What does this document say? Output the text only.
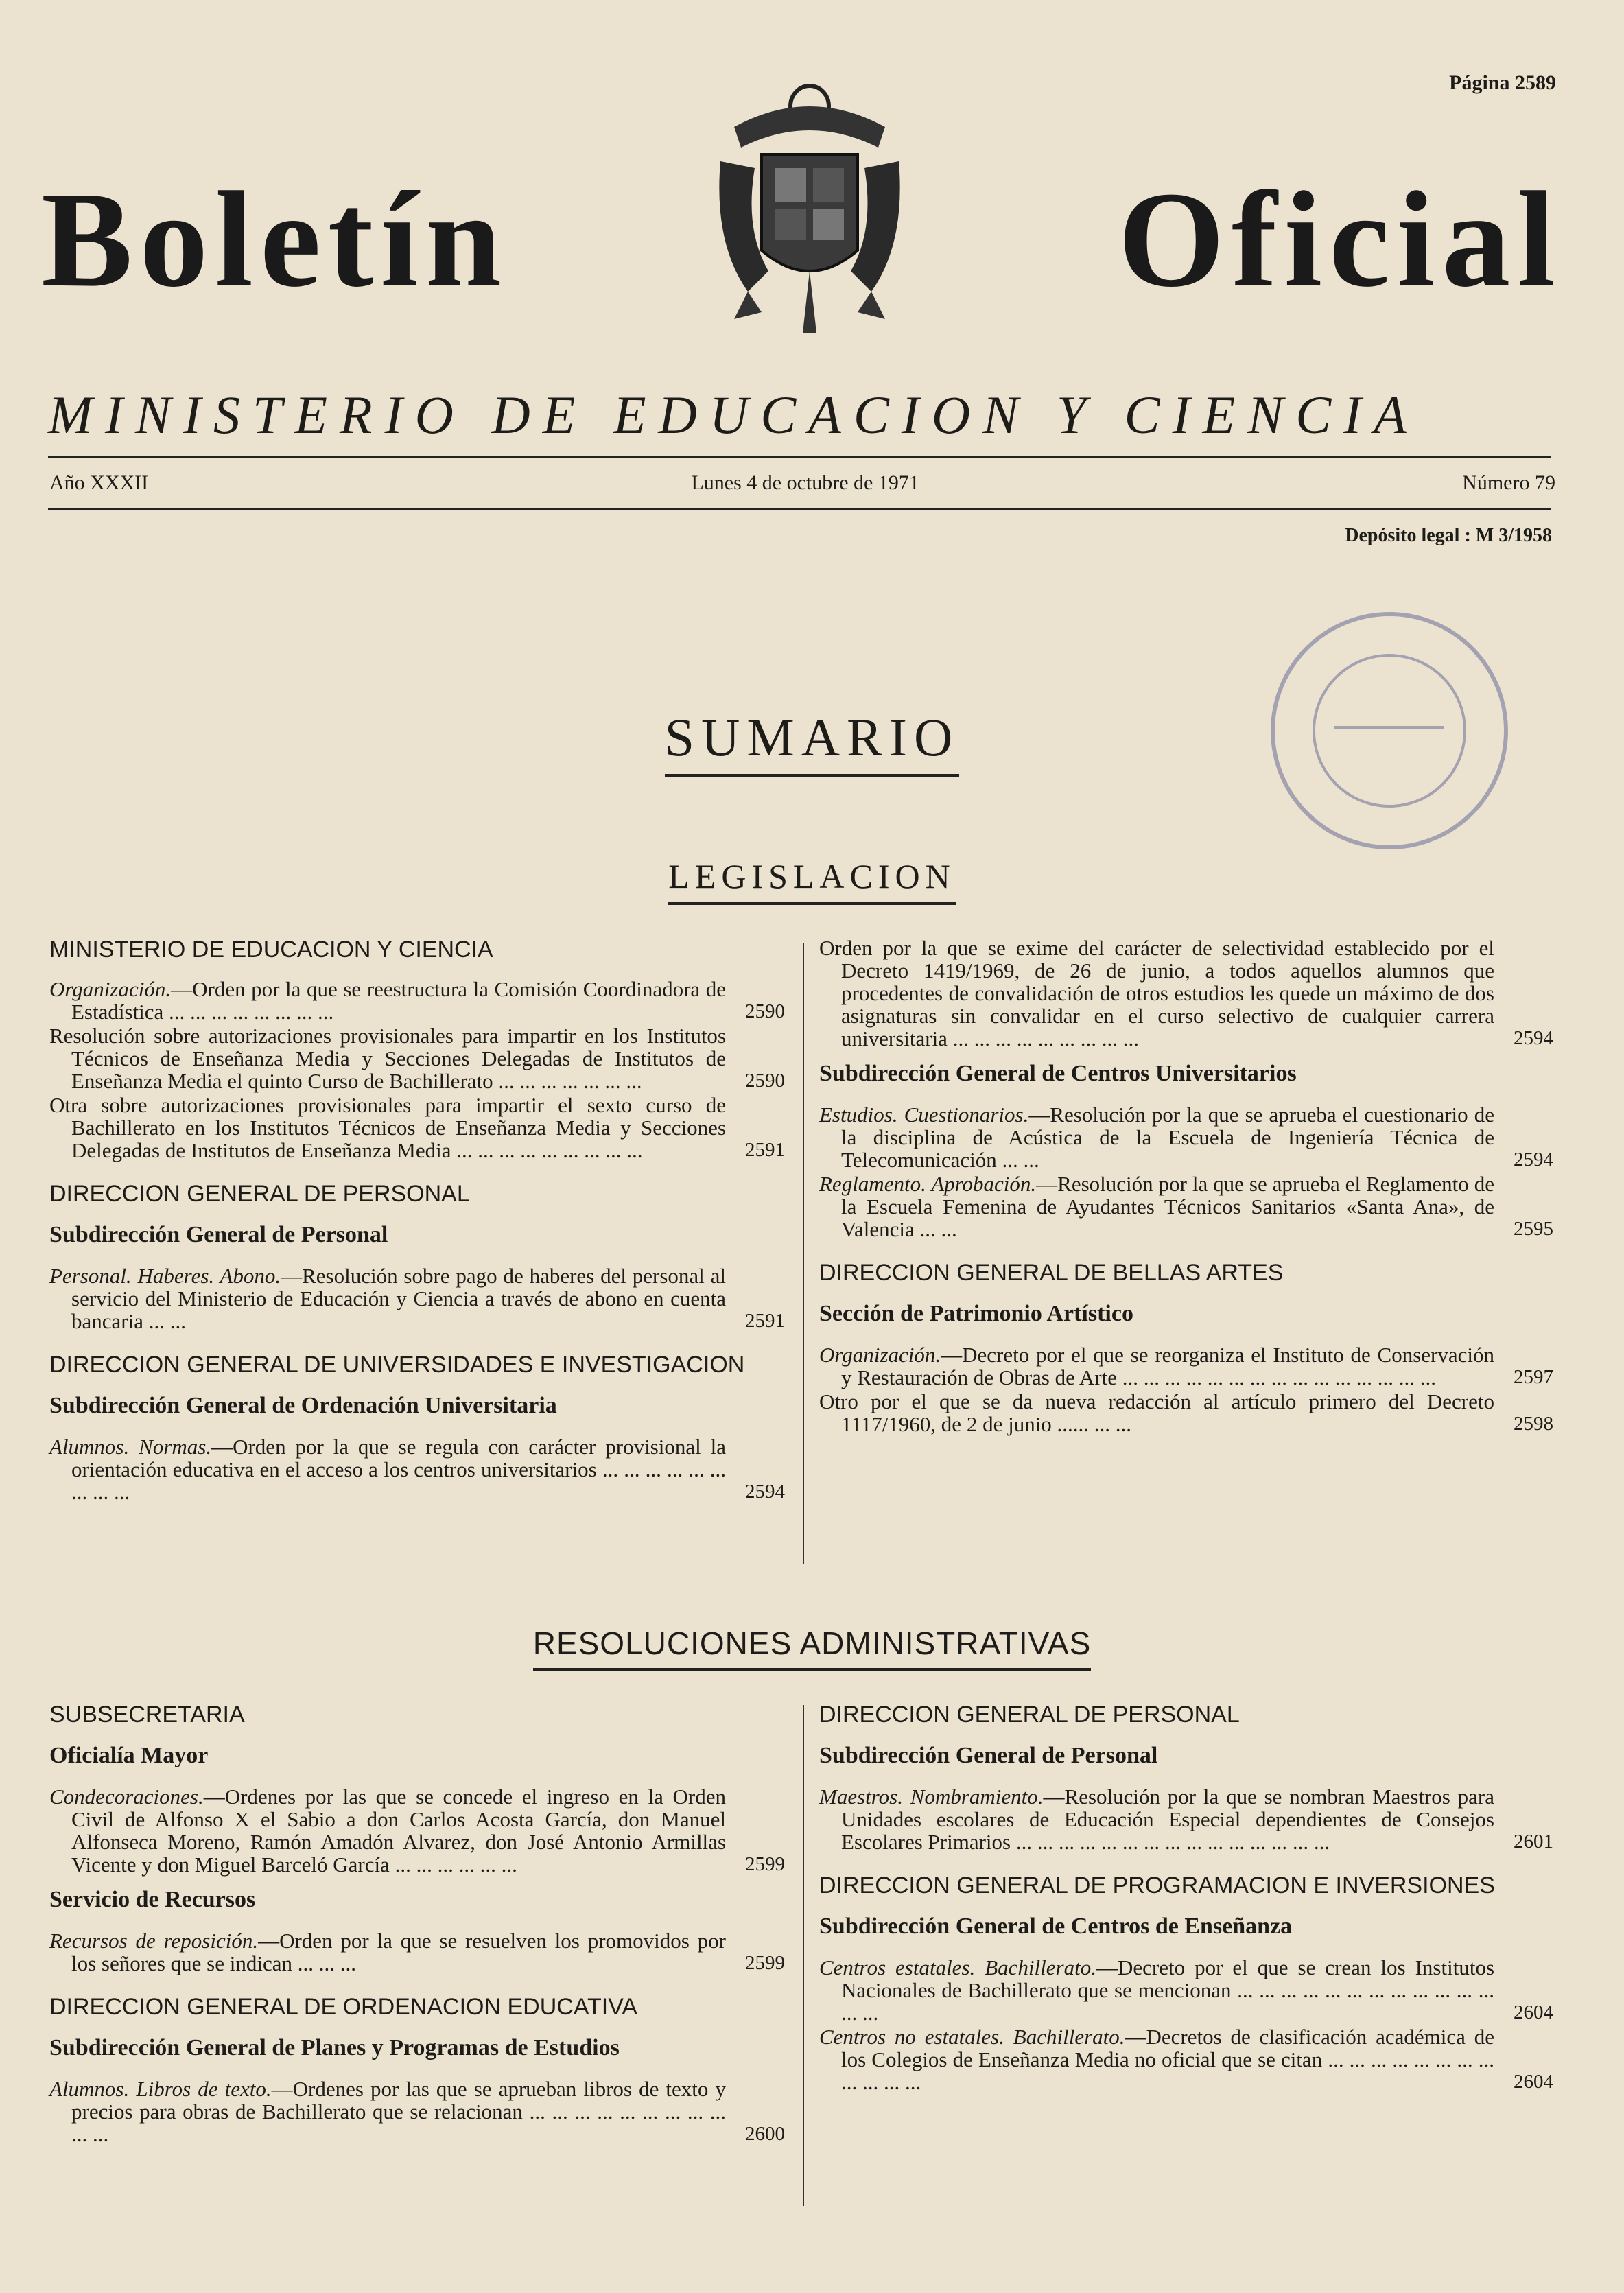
Página 2589
Boletín	Oficial
MINISTERIO DE EDUCACION Y CIENCIA
Año XXXII	Lunes 4 de octubre de 1971	Número 79
Depósito legal : M 3/1958
SUMARIO
LEGISLACION
MINISTERIO DE EDUCACION Y CIENCIA
Organización.—Orden por la que se reestructura la Comisión Coordinadora de Estadística ... ... ... ... ... ... ... ...	2590
Resolución sobre autorizaciones provisionales para impartir en los Institutos Técnicos de Enseñanza Media y Secciones Delegadas de Institutos de Enseñanza Media el quinto Curso de Bachillerato ... ... ... ... ... ... ...	2590
Otra sobre autorizaciones provisionales para impartir el sexto curso de Bachillerato en los Institutos Técnicos de Enseñanza Media y Secciones Delegadas de Institutos de Enseñanza Media ... ... ... ... ... ... ... ... ...	2591
DIRECCION GENERAL DE PERSONAL
Subdirección General de Personal
Personal. Haberes. Abono.—Resolución sobre pago de haberes del personal al servicio del Ministerio de Educación y Ciencia a través de abono en cuenta bancaria ... ...	2591
DIRECCION GENERAL DE UNIVERSIDADES E INVESTIGACION
Subdirección General de Ordenación Universitaria
Alumnos. Normas.—Orden por la que se regula con carácter provisional la orientación educativa en el acceso a los centros universitarios ... ... ... ... ... ... ... ... ...	2594
Orden por la que se exime del carácter de selectividad establecido por el Decreto 1419/1969, de 26 de junio, a todos aquellos alumnos que procedentes de convalidación de otros estudios les quede un máximo de dos asignaturas sin convalidar en el curso selectivo de cualquier carrera universitaria ... ... ... ... ... ... ... ... ...	2594
Subdirección General de Centros Universitarios
Estudios. Cuestionarios.—Resolución por la que se aprueba el cuestionario de la disciplina de Acústica de la Escuela de Ingeniería Técnica de Telecomunicación ... ...	2594
Reglamento. Aprobación.—Resolución por la que se aprueba el Reglamento de la Escuela Femenina de Ayudantes Técnicos Sanitarios «Santa Ana», de Valencia ... ...	2595
DIRECCION GENERAL DE BELLAS ARTES
Sección de Patrimonio Artístico
Organización.—Decreto por el que se reorganiza el Instituto de Conservación y Restauración de Obras de Arte ... ... ... ... ... ... ... ... ... ... ... ... ... ... ...	2597
Otro por el que se da nueva redacción al artículo primero del Decreto 1117/1960, de 2 de junio ...... ... ...	2598
RESOLUCIONES ADMINISTRATIVAS
SUBSECRETARIA
Oficialía Mayor
Condecoraciones.—Ordenes por las que se concede el ingreso en la Orden Civil de Alfonso X el Sabio a don Carlos Acosta García, don Manuel Alfonseca Moreno, Ramón Amadón Alvarez, don José Antonio Armillas Vicente y don Miguel Barceló García ... ... ... ... ... ...	2599
Servicio de Recursos
Recursos de reposición.—Orden por la que se resuelven los promovidos por los señores que se indican ... ... ...	2599
DIRECCION GENERAL DE ORDENACION EDUCATIVA
Subdirección General de Planes y Programas de Estudios
Alumnos. Libros de texto.—Ordenes por las que se aprueban libros de texto y precios para obras de Bachillerato que se relacionan ... ... ... ... ... ... ... ... ... ... ...	2600
DIRECCION GENERAL DE PERSONAL
Subdirección General de Personal
Maestros. Nombramiento.—Resolución por la que se nombran Maestros para Unidades escolares de Educación Especial dependientes de Consejos Escolares Primarios ... ... ... ... ... ... ... ... ... ... ... ... ... ... ...	2601
DIRECCION GENERAL DE PROGRAMACION E INVERSIONES
Subdirección General de Centros de Enseñanza
Centros estatales. Bachillerato.—Decreto por el que se crean los Institutos Nacionales de Bachillerato que se mencionan ... ... ... ... ... ... ... ... ... ... ... ... ... ...	2604
Centros no estatales. Bachillerato.—Decretos de clasificación académica de los Colegios de Enseñanza Media no oficial que se citan ... ... ... ... ... ... ... ... ... ... ... ...	2604
